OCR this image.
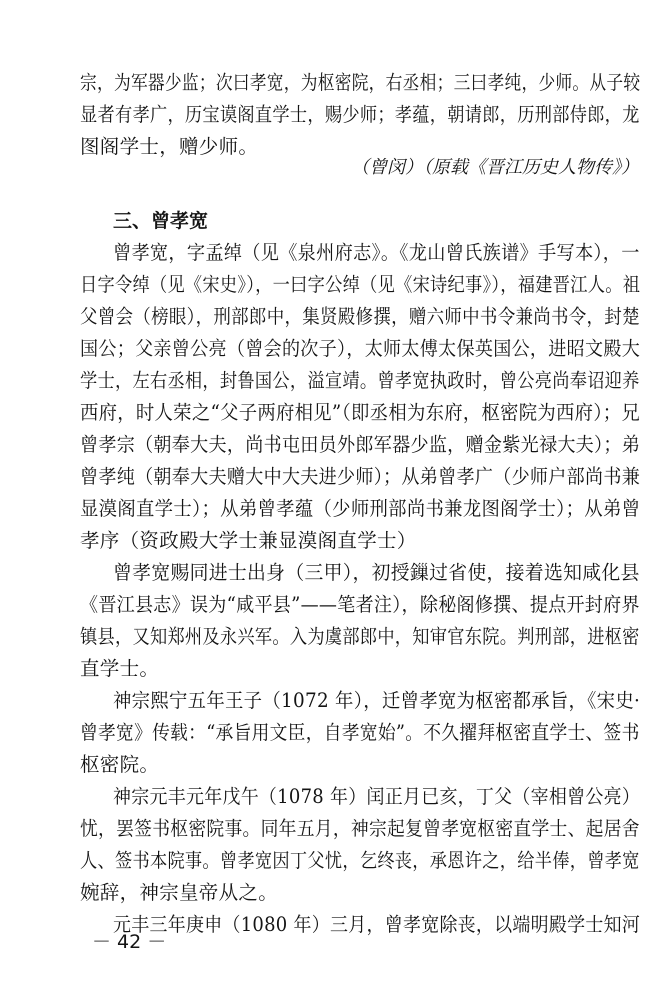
宗，为军器少监；次曰孝宽，为枢密院，右丞相；三曰孝纯，少师。从子较
显者有孝广，历宝谟阁直学士，赐少师；孝蕴，朝请郎，历刑部侍郎，龙
图阁学士，赠少师。
（曾闵）（原载《晋江历史人物传》）
三、曾孝宽
曾孝宽，字孟绰（见《泉州府志》。《龙山曾氏族谱》手写本），一
日字令绰（见《宋史》），一曰字公绰（见《宋诗纪事》），福建晋江人。祖
父曾会（榜眼），刑部郎中，集贤殿修撰，赠六师中书令兼尚书令，封楚
国公；父亲曾公亮（曾会的次子），太师太傅太保英国公，进昭文殿大
学士，左右丞相，封鲁国公，溢宣靖。曾孝宽执政时，曾公亮尚奉诏迎养
西府，时人荣之“父子两府相见”（即丞相为东府，枢密院为西府）；兄
曾孝宗（朝奉大夫，尚书屯田员外郎军器少监，赠金紫光禄大夫）；弟
曾孝纯（朝奉大夫赠大中大夫进少师）；从弟曾孝广（少师户部尚书兼
显漠阁直学士）；从弟曾孝蕴（少师刑部尚书兼龙图阁学士）；从弟曾
孝序（资政殿大学士兼显漠阁直学士）
曾孝宽赐同进士出身（三甲），初授鏁过省使，接着选知咸化县
《晋江县志》误为“咸平县”——笔者注），除秘阁修撰、提点开封府界
镇县，又知郑州及永兴军。入为虞部郎中，知审官东院。判刑部，进枢密
直学士。
神宗熙宁五年王子（1072 年），迁曾孝宽为枢密都承旨，《宋史·
曾孝宽》传载：“承旨用文臣，自孝宽始”。不久擢拜枢密直学士、签书
枢密院。
神宗元丰元年戊午（1078 年）闰正月已亥，丁父（宰相曾公亮）
忧，罢签书枢密院事。同年五月，神宗起复曾孝宽枢密直学士、起居舍
人、签书本院事。曾孝宽因丁父忧，乞终丧，承恩许之，给半俸，曾孝宽
婉辞，神宗皇帝从之。
元丰三年庚申（1080 年）三月，曾孝宽除丧，以端明殿学士知河
－ 42 －
